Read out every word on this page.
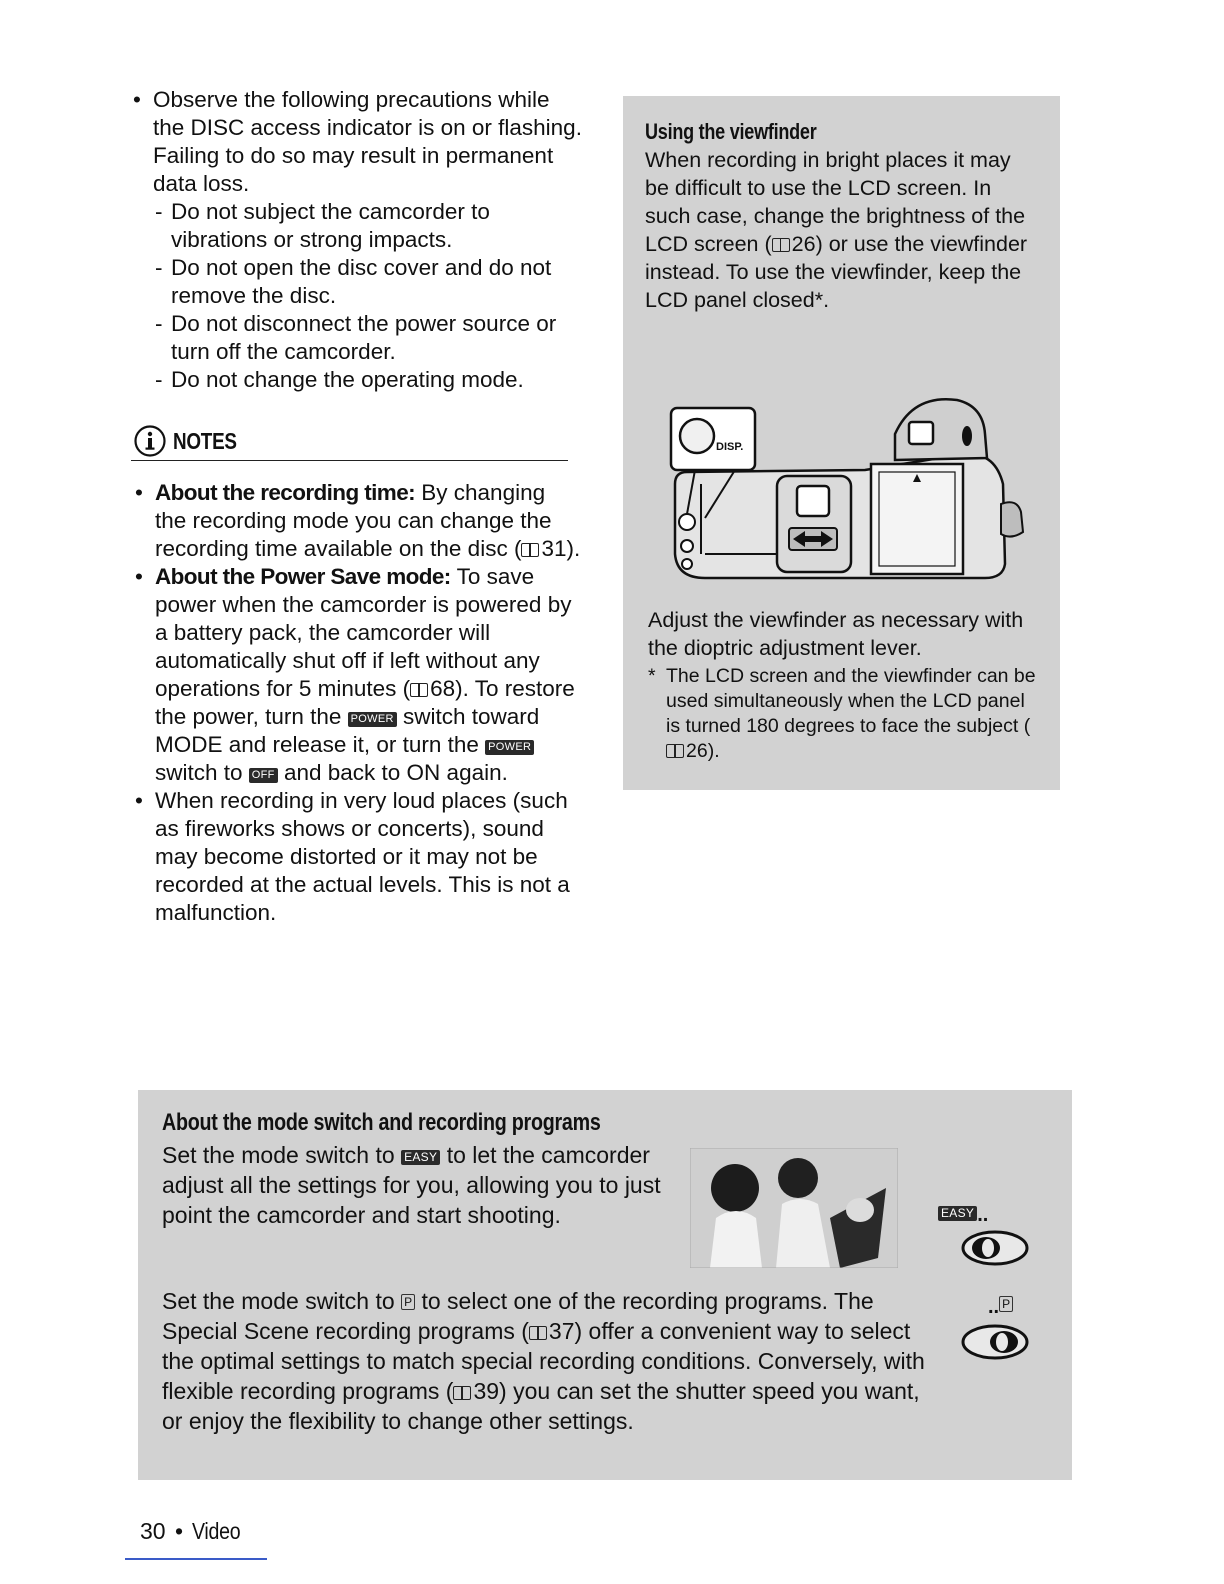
• Observe the following precautions while the DISC access indicator is on or flashing. Failing to do so may result in permanent data loss.
- Do not subject the camcorder to vibrations or strong impacts.
- Do not open the disc cover and do not remove the disc.
- Do not disconnect the power source or turn off the camcorder.
- Do not change the operating mode.
NOTES
• About the recording time: By changing the recording mode you can change the recording time available on the disc ( 31).
• About the Power Save mode: To save power when the camcorder is powered by a battery pack, the camcorder will automatically shut off if left without any operations for 5 minutes ( 68). To restore the power, turn the POWER switch toward MODE and release it, or turn the POWER switch to OFF and back to ON again.
• When recording in very loud places (such as fireworks shows or concerts), sound may become distorted or it may not be recorded at the actual levels. This is not a malfunction.
Using the viewfinder
When recording in bright places it may be difficult to use the LCD screen. In such case, change the brightness of the LCD screen ( 26) or use the viewfinder instead. To use the viewfinder, keep the LCD panel closed*.
DISP.
Adjust the viewfinder as necessary with the dioptric adjustment lever.
* The LCD screen and the viewfinder can be used simultaneously when the LCD panel is turned 180 degrees to face the subject (26).
About the mode switch and recording programs
Set the mode switch to EASY to let the camcorder adjust all the settings for you, allowing you to just point the camcorder and start shooting.	EASY ..
Set the mode switch to P to select one of the recording programs. The Special Scene recording programs ( 37) offer a convenient way to select the optimal settings to match special recording conditions. Conversely, with flexible recording programs ( 39) you can set the shutter speed you want, or enjoy the flexibility to change other settings.
.. P
30 • Video
